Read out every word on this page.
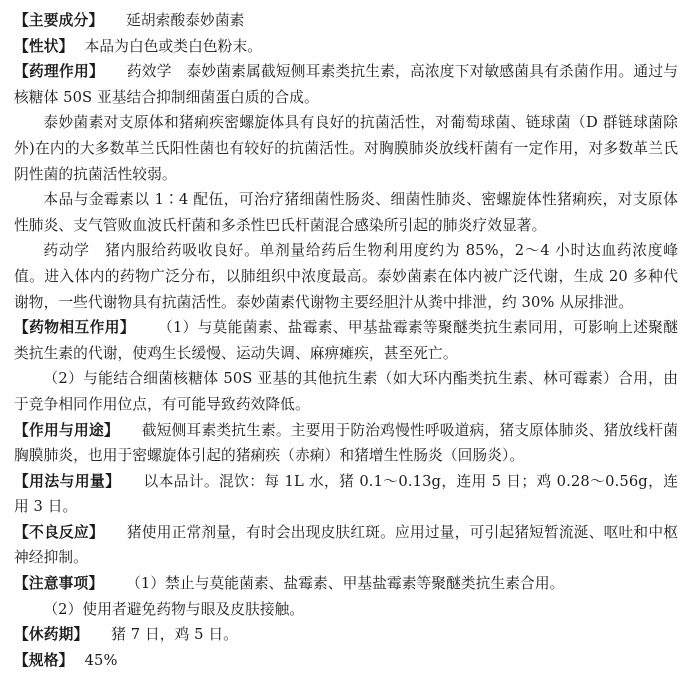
【主要成分】 延胡索酸泰妙菌素

【性状】 本品为白色或类白色粉末。

【药理作用】 药效学　泰妙菌素属截短侧耳素类抗生素，高浓度下对敏感菌具有杀菌作用。通过与核糖体 50S 亚基结合抑制细菌蛋白质的合成。

泰妙菌素对支原体和猪痢疾密螺旋体具有良好的抗菌活性，对葡萄球菌、链球菌（D 群链球菌除外)在内的大多数革兰氏阳性菌也有较好的抗菌活性。对胸膜肺炎放线杆菌有一定作用，对多数革兰氏阴性菌的抗菌活性较弱。

本品与金霉素以 1∶4 配伍，可治疗猪细菌性肠炎、细菌性肺炎、密螺旋体性猪痢疾，对支原体性肺炎、支气管败血波氏杆菌和多杀性巴氏杆菌混合感染所引起的肺炎疗效显著。

药动学　猪内服给药吸收良好。单剂量给药后生物利用度约为 85%，2～4 小时达血药浓度峰值。进入体内的药物广泛分布，以肺组织中浓度最高。泰妙菌素在体内被广泛代谢，生成 20 多种代谢物，一些代谢物具有抗菌活性。泰妙菌素代谢物主要经胆汁从粪中排泄，约 30% 从尿排泄。

【药物相互作用】 （1）与莫能菌素、盐霉素、甲基盐霉素等聚醚类抗生素同用，可影响上述聚醚类抗生素的代谢，使鸡生长缓慢、运动失调、麻痹瘫疾，甚至死亡。

（2）与能结合细菌核糖体 50S 亚基的其他抗生素（如大环内酯类抗生素、林可霉素）合用，由于竞争相同作用位点，有可能导致药效降低。

【作用与用途】 截短侧耳素类抗生素。主要用于防治鸡慢性呼吸道病，猪支原体肺炎、猪放线杆菌胸膜肺炎，也用于密螺旋体引起的猪痢疾（赤痢）和猪增生性肠炎（回肠炎）。

【用法与用量】 以本品计。混饮：每 1L 水，猪 0.1～0.13g，连用 5 日；鸡 0.28～0.56g，连用 3 日。

【不良反应】 猪使用正常剂量，有时会出现皮肤红斑。应用过量，可引起猪短暂流涎、呕吐和中枢神经抑制。

【注意事项】 （1）禁止与莫能菌素、盐霉素、甲基盐霉素等聚醚类抗生素合用。

（2）使用者避免药物与眼及皮肤接触。

【休药期】 猪 7 日，鸡 5 日。

【规格】 45%
